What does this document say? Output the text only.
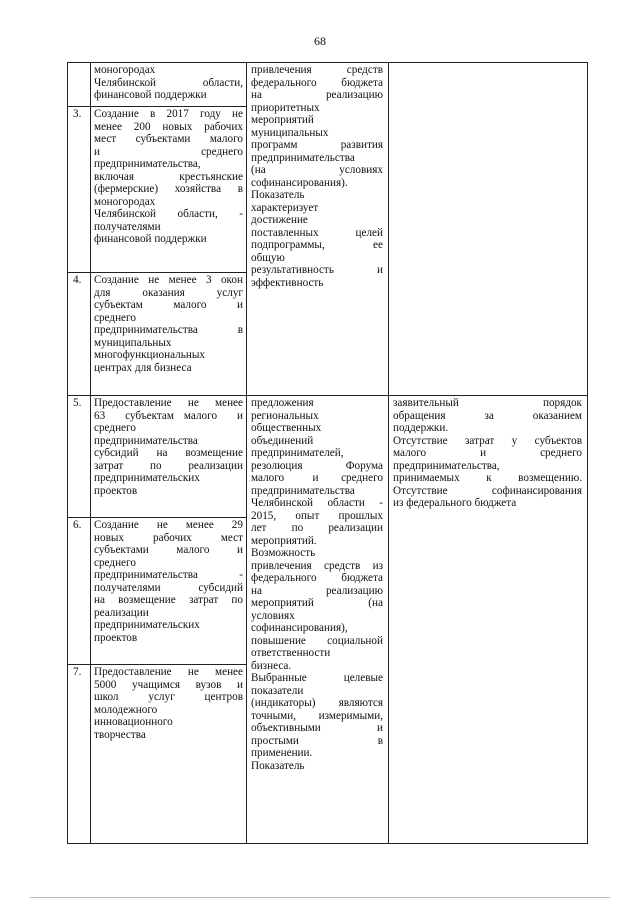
68
моногородах
Челябинской     области,
финансовой поддержки
3. Создание в 2017 году не
менее 200 новых рабочих
мест субъектами малого
и             среднего
предпринимательства,
включая    крестьянские
(фермерские) хозяйства в
моногородах
Челябинской области, -
получателями
финансовой поддержки
4. Создание не менее 3 окон
для    оказания    услуг
субъектам     малого     и
среднего
предпринимательства     в
муниципальных
многофункциональных
центрах для бизнеса
5. Предоставление не менее
63  субъектам малого  и
среднего
предпринимательства
субсидий на возмещение
затрат  по  реализации
предпринимательских
проектов
6. Создание  не  менее  29
новых    рабочих    мест
субъектами    малого    и
среднего
предпринимательства    -
получателями   субсидий
на возмещение затрат по
реализации
предпринимательских
проектов
7. Предоставление не менее
5000 учащимся вузов и
школ    услуг    центров
молодежного
инновационного
творчества
привлечения     средств
федерального бюджета
на             реализацию
приоритетных
мероприятий
муниципальных
программ      развития
предпринимательства
(на              условиях
софинансирования).
Показатель
характеризует
достижение
поставленных     целей
подпрограммы,         ее
общую
результативность        и
эффективность
предложения
региональных
общественных
объединений
предпринимателей,
резолюция      Форума
малого     и    среднего
предпринимательства
Челябинской области -
2015,  опыт  прошлых
лет    по    реализации
мероприятий.
Возможность
привлечения средств из
федерального бюджета
на              реализацию
мероприятий          (на
условиях
софинансирования),
повышение социальной
ответственности
бизнеса.
Выбранные      целевые
показатели
(индикаторы)  являются
точными, измеримыми,
объективными          и
простыми              в
применении.
Показатель
заявительный          порядок
обращения     за     оказанием
поддержки.
Отсутствие  затрат  у  субъектов
малого        и        среднего
предпринимательства,
принимаемых  к  возмещению.
Отсутствие    софинансирования
из федерального бюджета
